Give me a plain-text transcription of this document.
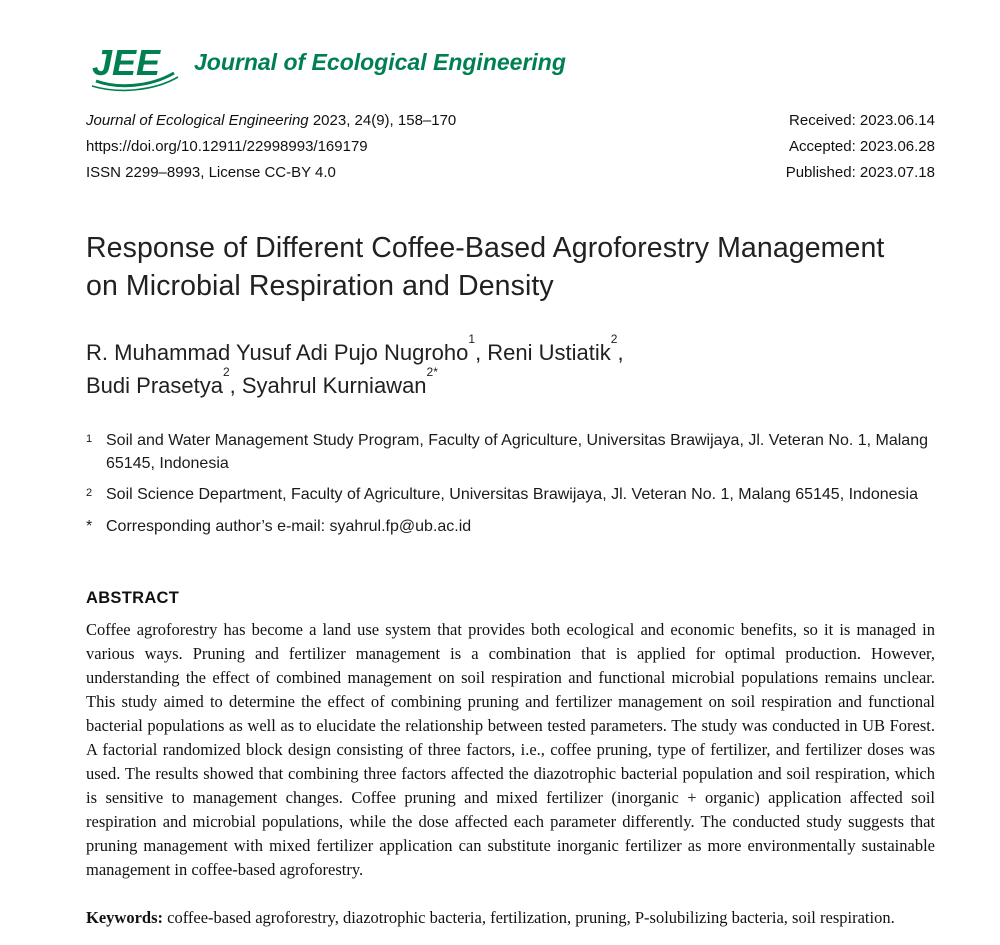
JEE Journal of Ecological Engineering
Journal of Ecological Engineering 2023, 24(9), 158–170
https://doi.org/10.12911/22998993/169179
ISSN 2299–8993, License CC-BY 4.0
Received: 2023.06.14
Accepted: 2023.06.28
Published: 2023.07.18
Response of Different Coffee-Based Agroforestry Management
on Microbial Respiration and Density
R. Muhammad Yusuf Adi Pujo Nugroho$^1$, Reni Ustiatik$^2$,
Budi Prasetya$^2$, Syahrul Kurniawan$^{2*}$
1 Soil and Water Management Study Program, Faculty of Agriculture, Universitas Brawijaya, Jl. Veteran No. 1, Malang 65145, Indonesia
2 Soil Science Department, Faculty of Agriculture, Universitas Brawijaya, Jl. Veteran No. 1, Malang 65145, Indonesia
* Corresponding author’s e-mail: syahrul.fp@ub.ac.id
ABSTRACT

Coffee agroforestry has become a land use system that provides both ecological and economic benefits, so it is managed in various ways. Pruning and fertilizer management is a combination that is applied for optimal production. However, understanding the effect of combined management on soil respiration and functional microbial populations remains unclear. This study aimed to determine the effect of combining pruning and fertilizer management on soil respiration and functional bacterial populations as well as to elucidate the relationship between tested parameters. The study was conducted in UB Forest. A factorial randomized block design consisting of three factors, i.e., coffee pruning, type of fertilizer, and fertilizer doses was used. The results showed that combining three factors affected the diazotrophic bacterial population and soil respiration, which is sensitive to management changes. Coffee pruning and mixed fertilizer (inorganic + organic) application affected soil respiration and microbial populations, while the dose affected each parameter differently. The conducted study suggests that pruning management with mixed fertilizer application can substitute inorganic fertilizer as more environmentally sustainable management in coffee-based agroforestry.

Keywords: coffee-based agroforestry, diazotrophic bacteria, fertilization, pruning, P-solubilizing bacteria, soil respiration.
